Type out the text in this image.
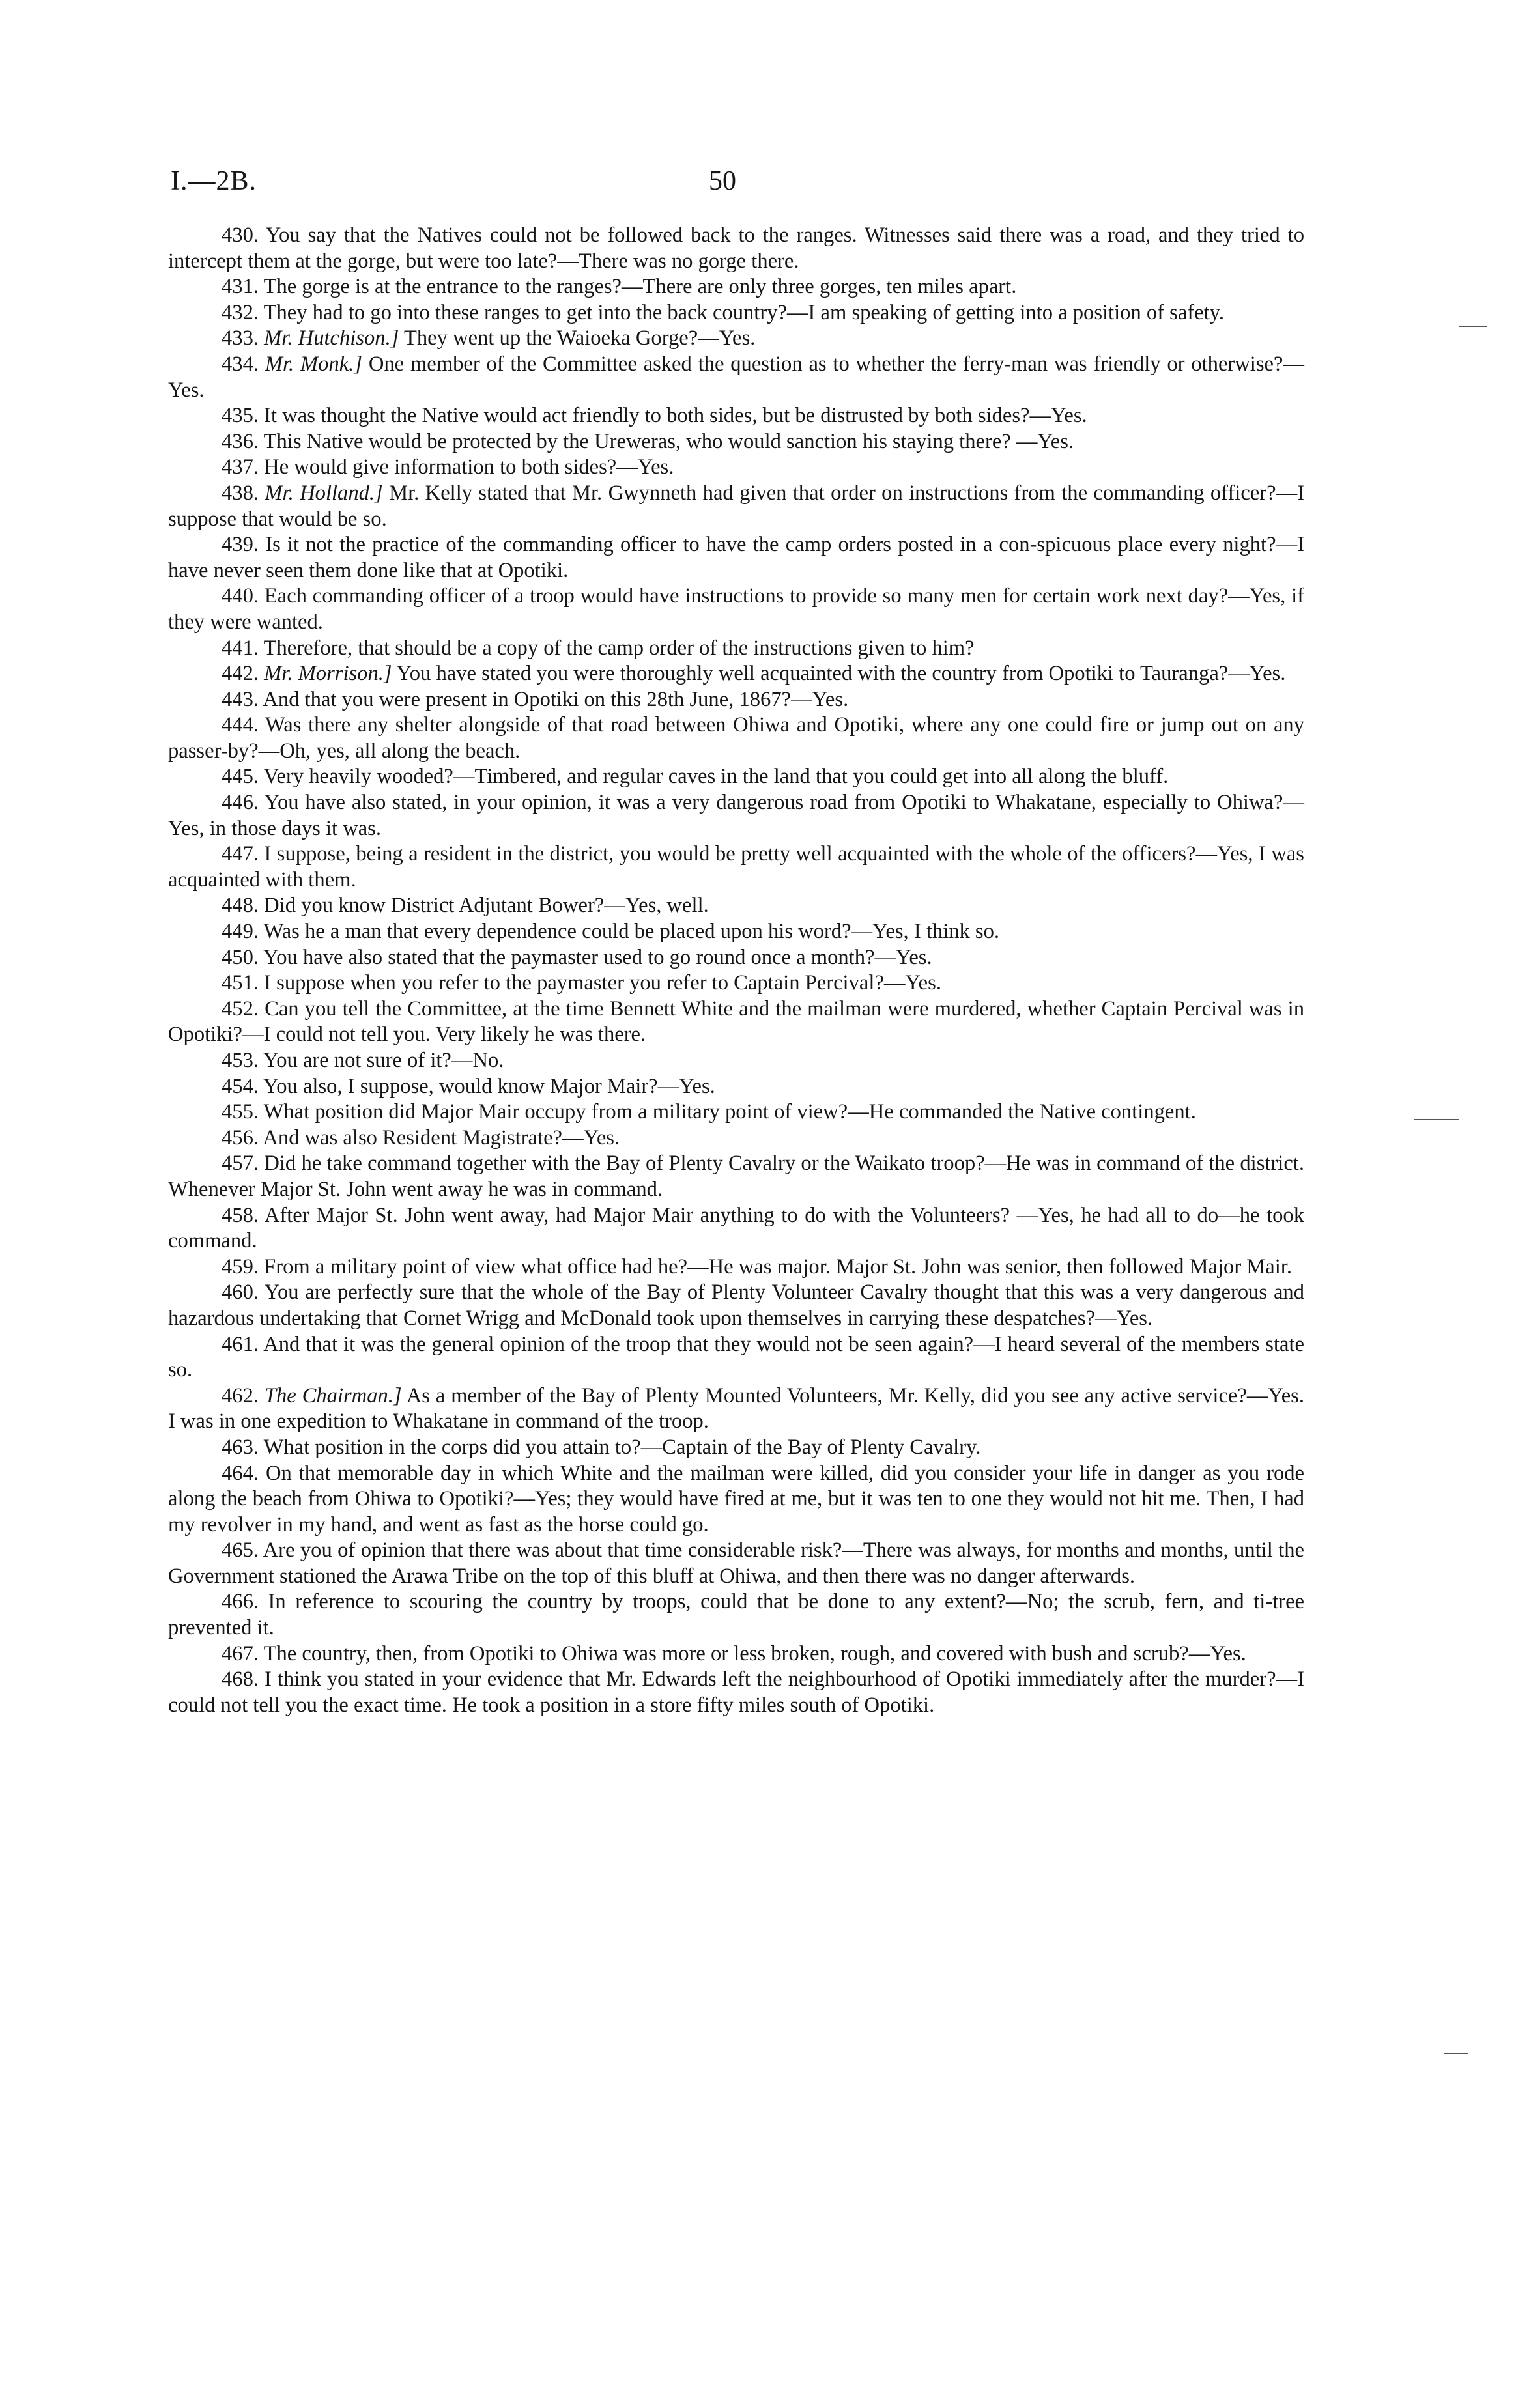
I.—2B.	50

430. You say that the Natives could not be followed back to the ranges. Witnesses said there was a road, and they tried to intercept them at the gorge, but were too late?—There was no gorge there.

431. The gorge is at the entrance to the ranges?—There are only three gorges, ten miles apart.

432. They had to go into these ranges to get into the back country?—I am speaking of getting into a position of safety.

433. Mr. Hutchison.] They went up the Waioeka Gorge?—Yes.

434. Mr. Monk.] One member of the Committee asked the question as to whether the ferry-man was friendly or otherwise?—Yes.

435. It was thought the Native would act friendly to both sides, but be distrusted by both sides?—Yes.

436. This Native would be protected by the Ureweras, who would sanction his staying there? —Yes.

437. He would give information to both sides?—Yes.

438. Mr. Holland.] Mr. Kelly stated that Mr. Gwynneth had given that order on instructions from the commanding officer?—I suppose that would be so.

439. Is it not the practice of the commanding officer to have the camp orders posted in a con-spicuous place every night?—I have never seen them done like that at Opotiki.

440. Each commanding officer of a troop would have instructions to provide so many men for certain work next day?—Yes, if they were wanted.

441. Therefore, that should be a copy of the camp order of the instructions given to him?

442. Mr. Morrison.] You have stated you were thoroughly well acquainted with the country from Opotiki to Tauranga?—Yes.

443. And that you were present in Opotiki on this 28th June, 1867?—Yes.

444. Was there any shelter alongside of that road between Ohiwa and Opotiki, where any one could fire or jump out on any passer-by?—Oh, yes, all along the beach.

445. Very heavily wooded?—Timbered, and regular caves in the land that you could get into all along the bluff.

446. You have also stated, in your opinion, it was a very dangerous road from Opotiki to Whakatane, especially to Ohiwa?—Yes, in those days it was.

447. I suppose, being a resident in the district, you would be pretty well acquainted with the whole of the officers?—Yes, I was acquainted with them.

448. Did you know District Adjutant Bower?—Yes, well.

449. Was he a man that every dependence could be placed upon his word?—Yes, I think so.

450. You have also stated that the paymaster used to go round once a month?—Yes.

451. I suppose when you refer to the paymaster you refer to Captain Percival?—Yes.

452. Can you tell the Committee, at the time Bennett White and the mailman were murdered, whether Captain Percival was in Opotiki?—I could not tell you. Very likely he was there.

453. You are not sure of it?—No.

454. You also, I suppose, would know Major Mair?—Yes.

455. What position did Major Mair occupy from a military point of view?—He commanded the Native contingent.

456. And was also Resident Magistrate?—Yes.

457. Did he take command together with the Bay of Plenty Cavalry or the Waikato troop?—He was in command of the district. Whenever Major St. John went away he was in command.

458. After Major St. John went away, had Major Mair anything to do with the Volunteers? —Yes, he had all to do—he took command.

459. From a military point of view what office had he?—He was major. Major St. John was senior, then followed Major Mair.

460. You are perfectly sure that the whole of the Bay of Plenty Volunteer Cavalry thought that this was a very dangerous and hazardous undertaking that Cornet Wrigg and McDonald took upon themselves in carrying these despatches?—Yes.

461. And that it was the general opinion of the troop that they would not be seen again?—I heard several of the members state so.

462. The Chairman.] As a member of the Bay of Plenty Mounted Volunteers, Mr. Kelly, did you see any active service?—Yes. I was in one expedition to Whakatane in command of the troop.

463. What position in the corps did you attain to?—Captain of the Bay of Plenty Cavalry.

464. On that memorable day in which White and the mailman were killed, did you consider your life in danger as you rode along the beach from Ohiwa to Opotiki?—Yes; they would have fired at me, but it was ten to one they would not hit me. Then, I had my revolver in my hand, and went as fast as the horse could go.

465. Are you of opinion that there was about that time considerable risk?—There was always, for months and months, until the Government stationed the Arawa Tribe on the top of this bluff at Ohiwa, and then there was no danger afterwards.

466. In reference to scouring the country by troops, could that be done to any extent?—No; the scrub, fern, and ti-tree prevented it.

467. The country, then, from Opotiki to Ohiwa was more or less broken, rough, and covered with bush and scrub?—Yes.

468. I think you stated in your evidence that Mr. Edwards left the neighbourhood of Opotiki immediately after the murder?—I could not tell you the exact time. He took a position in a store fifty miles south of Opotiki.
